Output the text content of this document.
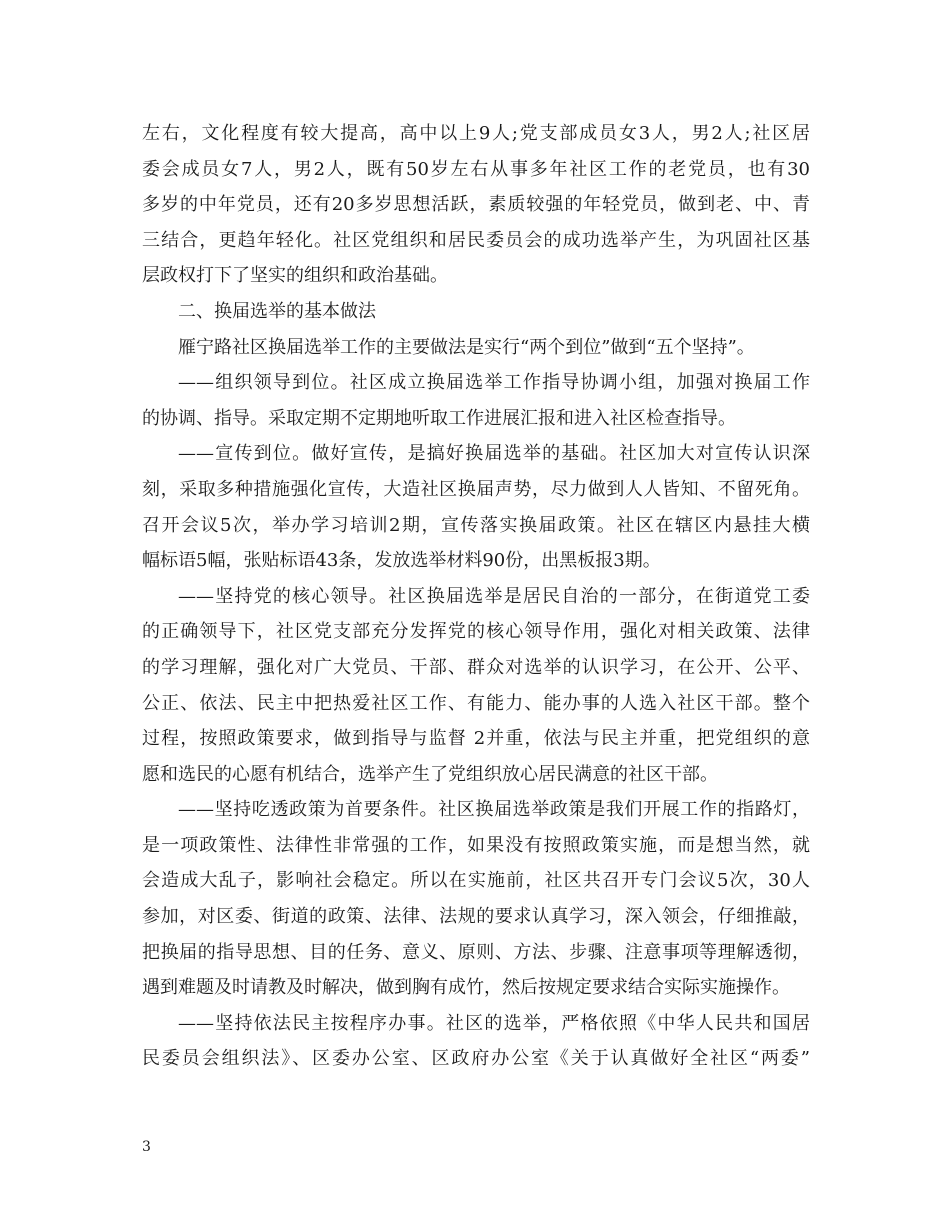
左右，文化程度有较大提高，高中以上9人;党支部成员女3人，男2人;社区居
委会成员女7人，男2人，既有50岁左右从事多年社区工作的老党员，也有30
多岁的中年党员，还有20多岁思想活跃，素质较强的年轻党员，做到老、中、青
三结合，更趋年轻化。社区党组织和居民委员会的成功选举产生，为巩固社区基
层政权打下了坚实的组织和政治基础。
二、换届选举的基本做法
雁宁路社区换届选举工作的主要做法是实行“两个到位”做到“五个坚持”。
——组织领导到位。社区成立换届选举工作指导协调小组，加强对换届工作
的协调、指导。采取定期不定期地听取工作进展汇报和进入社区检查指导。
——宣传到位。做好宣传，是搞好换届选举的基础。社区加大对宣传认识深
刻，采取多种措施强化宣传，大造社区换届声势，尽力做到人人皆知、不留死角。
召开会议5次，举办学习培训2期，宣传落实换届政策。社区在辖区内悬挂大横
幅标语5幅，张贴标语43条，发放选举材料90份，出黑板报3期。
——坚持党的核心领导。社区换届选举是居民自治的一部分，在街道党工委
的正确领导下，社区党支部充分发挥党的核心领导作用，强化对相关政策、法律
的学习理解，强化对广大党员、干部、群众对选举的认识学习，在公开、公平、
公正、依法、民主中把热爱社区工作、有能力、能办事的人选入社区干部。整个
过程，按照政策要求，做到指导与监督 2并重，依法与民主并重，把党组织的意
愿和选民的心愿有机结合，选举产生了党组织放心居民满意的社区干部。
——坚持吃透政策为首要条件。社区换届选举政策是我们开展工作的指路灯，
是一项政策性、法律性非常强的工作，如果没有按照政策实施，而是想当然，就
会造成大乱子，影响社会稳定。所以在实施前，社区共召开专门会议5次，30人
参加，对区委、街道的政策、法律、法规的要求认真学习，深入领会，仔细推敲，
把换届的指导思想、目的任务、意义、原则、方法、步骤、注意事项等理解透彻，
遇到难题及时请教及时解决，做到胸有成竹，然后按规定要求结合实际实施操作。
——坚持依法民主按程序办事。社区的选举，严格依照《中华人民共和国居
民委员会组织法》、区委办公室、区政府办公室《关于认真做好全社区“两委”
3
